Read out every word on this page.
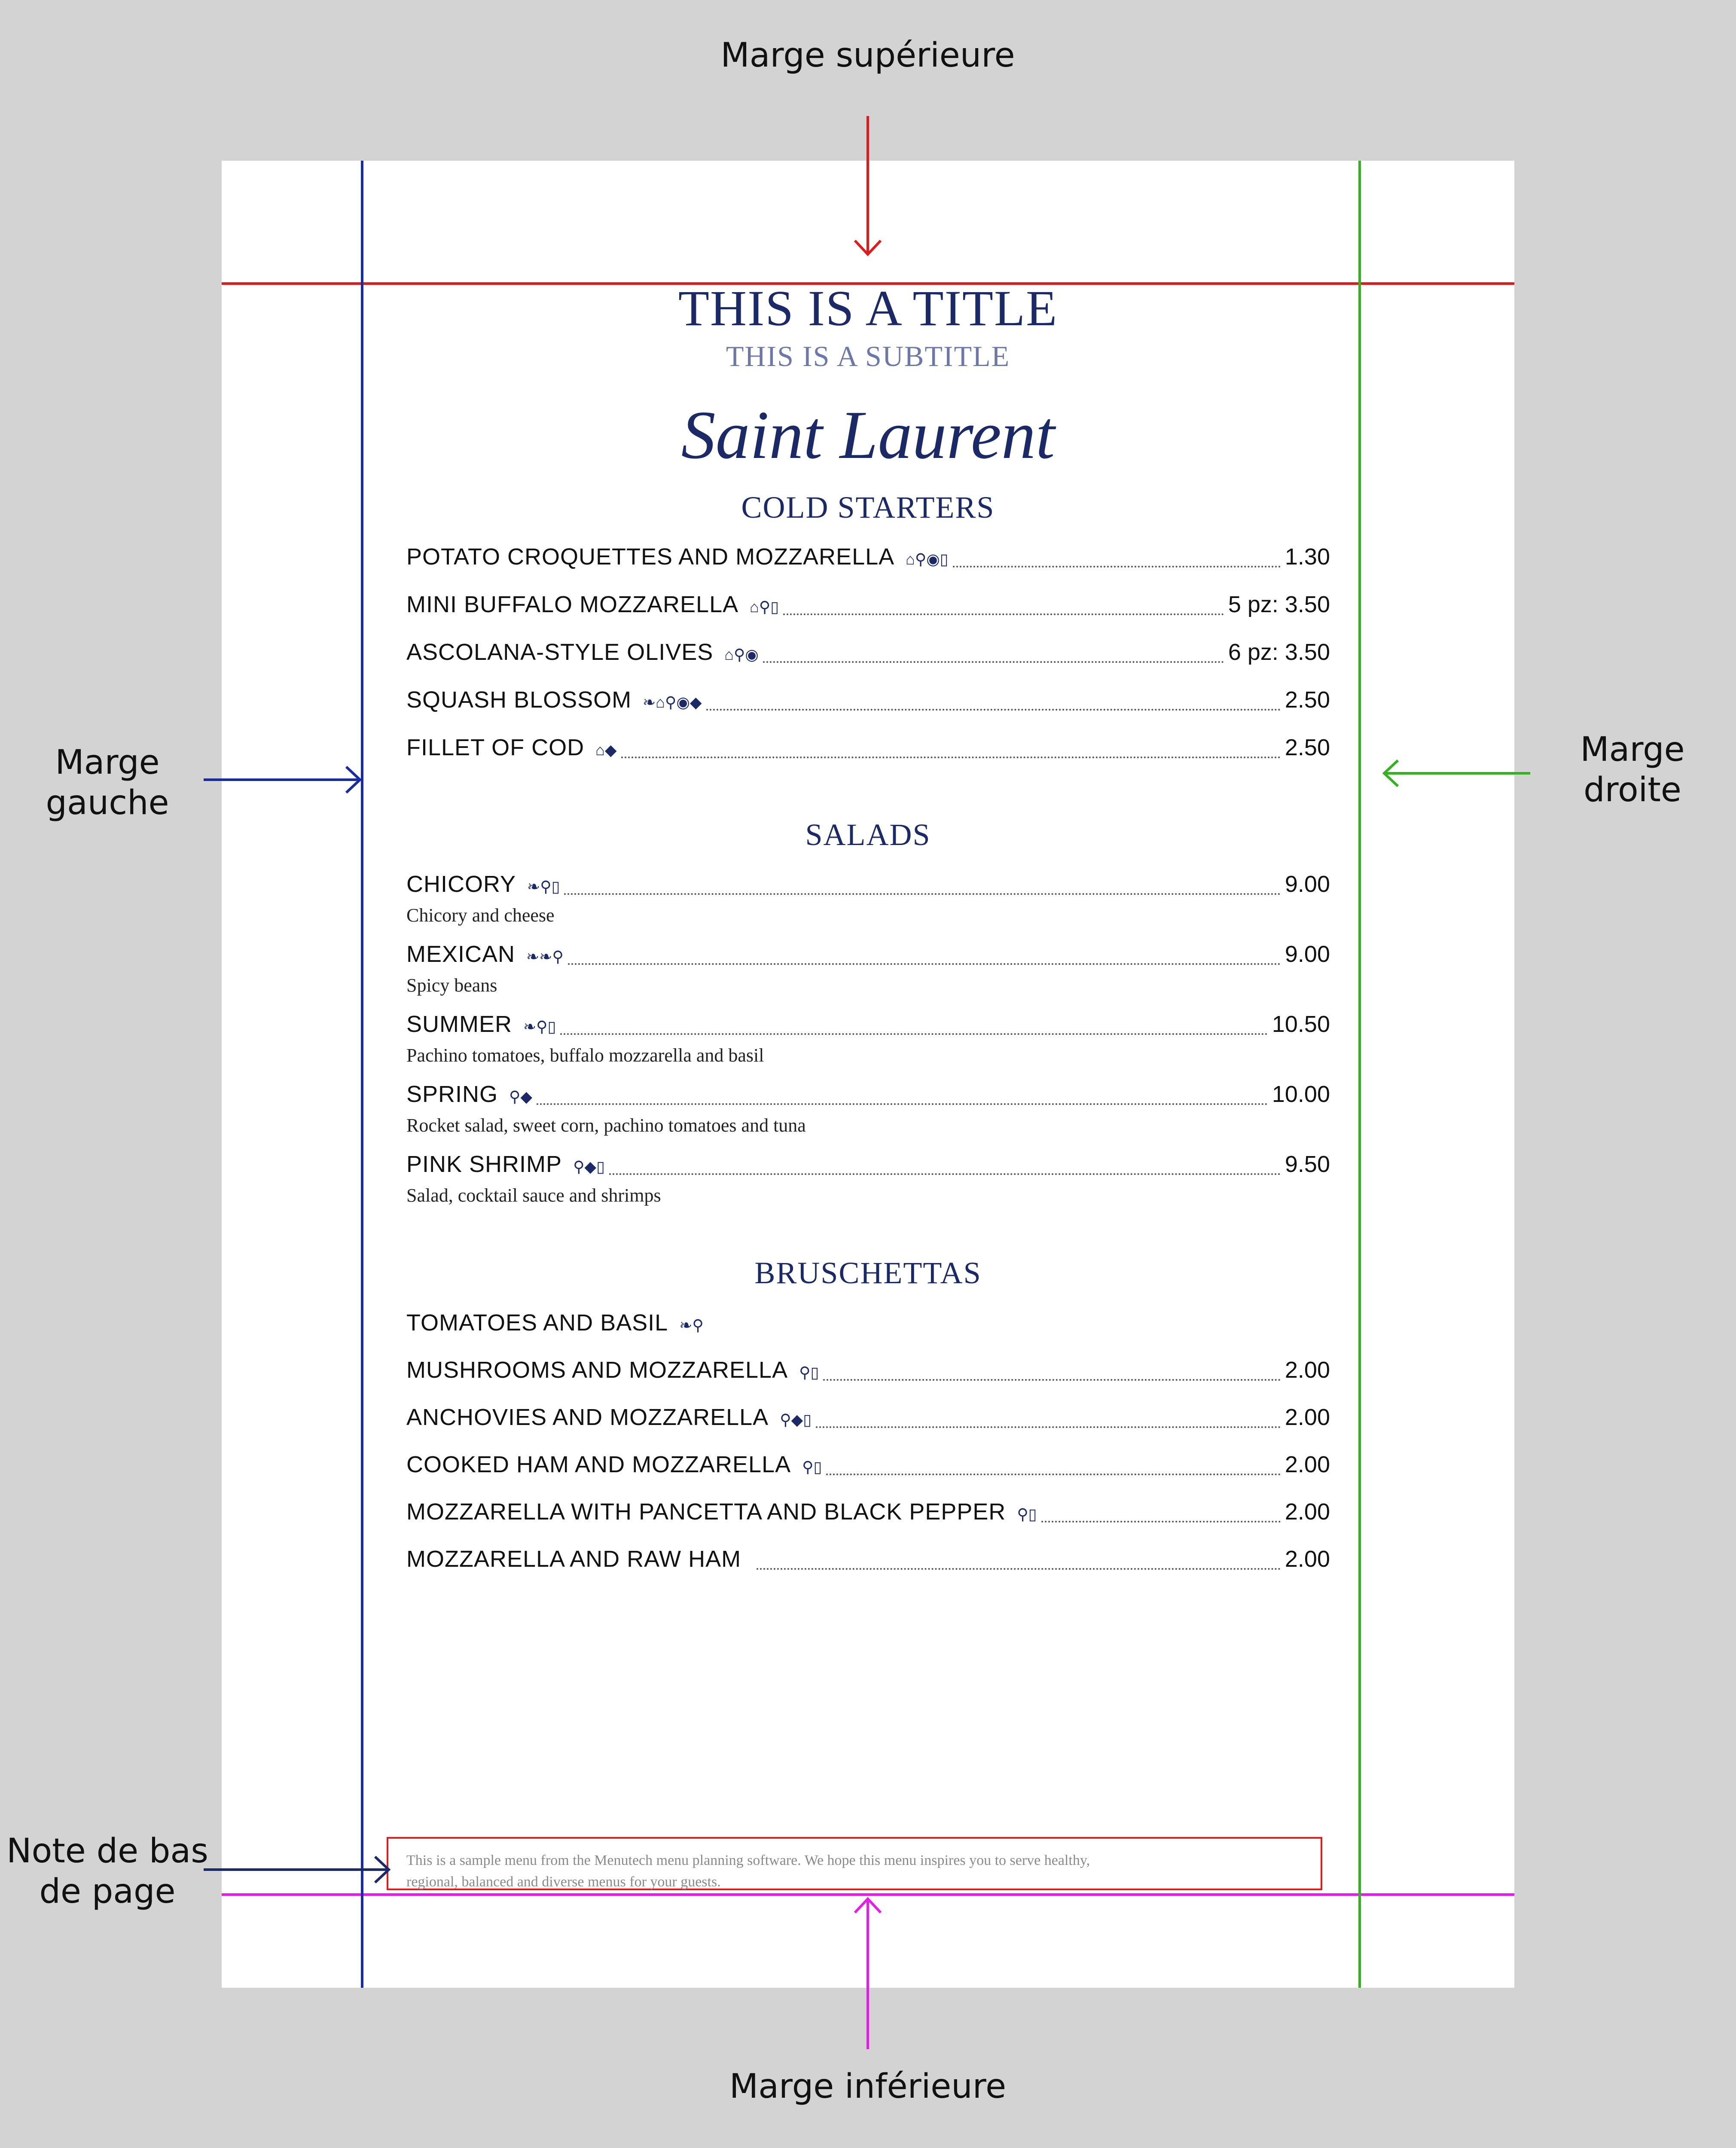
Marge supérieure
Marge inférieure
Marge
gauche
Marge
droite
Note de bas
de page
THIS IS A TITLE
THIS IS A SUBTITLE
Saint Laurent
COLD STARTERS
POTATO CROQUETTES AND MOZZARELLA ⌂⚲◉▯	1.30
MINI BUFFALO MOZZARELLA ⌂⚲▯	5 pz: 3.50
ASCOLANA-STYLE OLIVES ⌂⚲◉	6 pz: 3.50
SQUASH BLOSSOM ❧⌂⚲◉◆	2.50
FILLET OF COD ⌂◆	2.50
SALADS
CHICORY ❧⚲▯	9.00
Chicory and cheese
MEXICAN ❧❧⚲	9.00
Spicy beans
SUMMER ❧⚲▯	10.50
Pachino tomatoes, buffalo mozzarella and basil
SPRING ⚲◆	10.00
Rocket salad, sweet corn, pachino tomatoes and tuna
PINK SHRIMP ⚲◆▯	9.50
Salad, cocktail sauce and shrimps
BRUSCHETTAS
TOMATOES AND BASIL ❧⚲
MUSHROOMS AND MOZZARELLA ⚲▯	2.00
ANCHOVIES AND MOZZARELLA ⚲◆▯	2.00
COOKED HAM AND MOZZARELLA ⚲▯	2.00
MOZZARELLA WITH PANCETTA AND BLACK PEPPER ⚲▯	2.00
MOZZARELLA AND RAW HAM	2.00
This is a sample menu from the Menutech menu planning software. We hope this menu inspires you to serve healthy,
regional, balanced and diverse menus for your guests.
